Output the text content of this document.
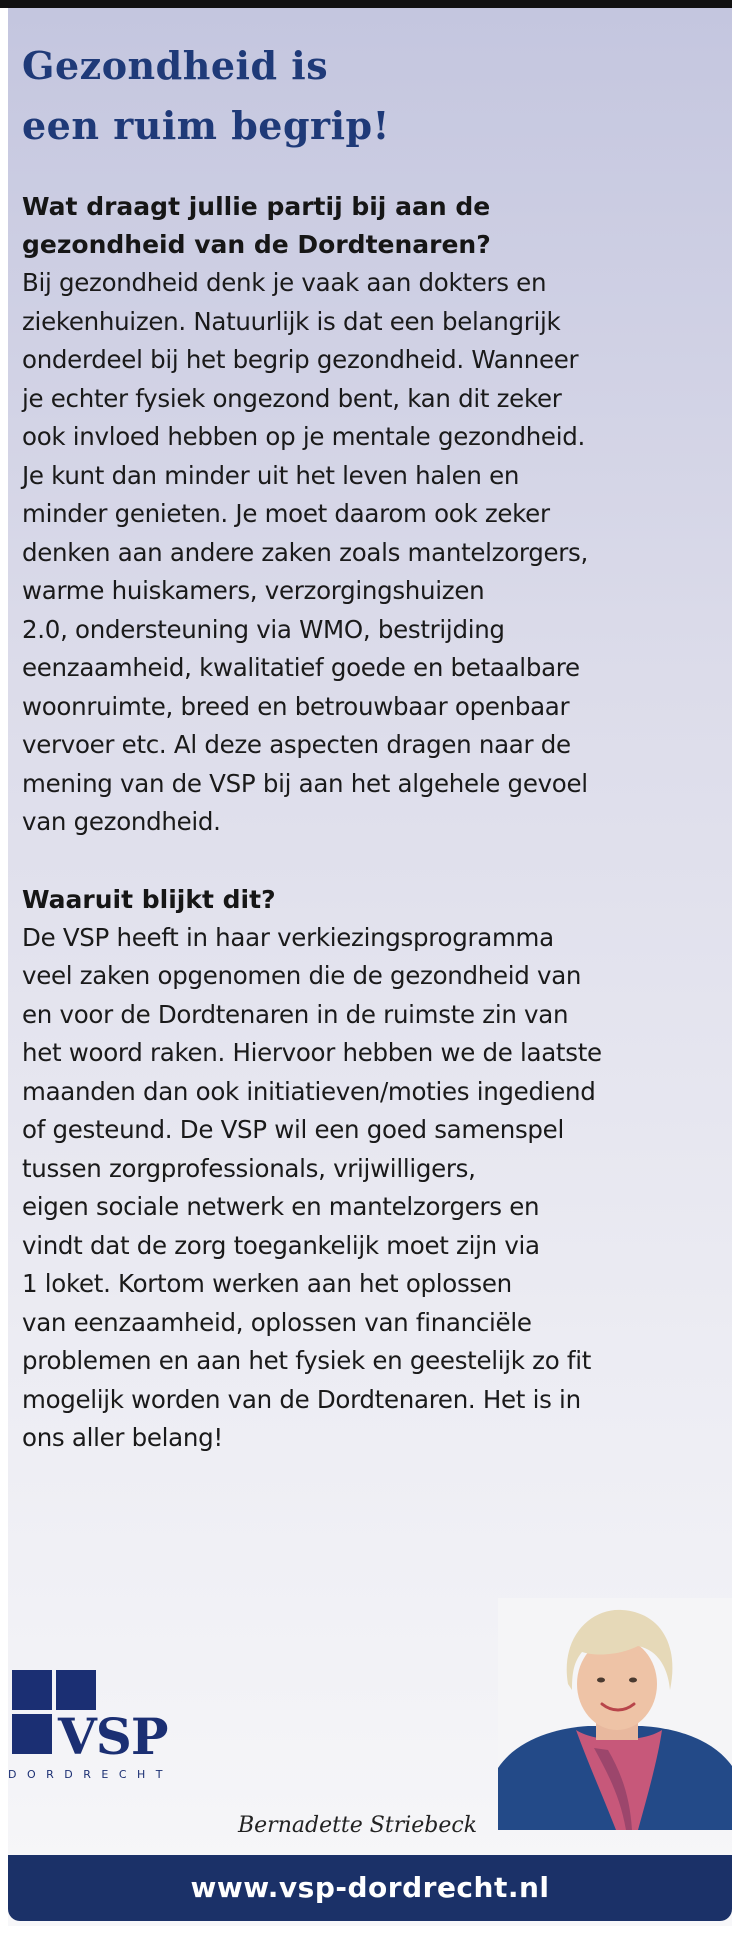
Gezondheid is
een ruim begrip!

Wat draagt jullie partij bij aan de
gezondheid van de Dordtenaren?

Bij gezondheid denk je vaak aan dokters en
ziekenhuizen. Natuurlijk is dat een belangrijk
onderdeel bij het begrip gezondheid. Wanneer
je echter fysiek ongezond bent, kan dit zeker
ook invloed hebben op je mentale gezondheid.
Je kunt dan minder uit het leven halen en
minder genieten. Je moet daarom ook zeker
denken aan andere zaken zoals mantelzorgers,
warme huiskamers, verzorgingshuizen
2.0, ondersteuning via WMO, bestrijding
eenzaamheid, kwalitatief goede en betaalbare
woonruimte, breed en betrouwbaar openbaar
vervoer etc. Al deze aspecten dragen naar de
mening van de VSP bij aan het algehele gevoel
van gezondheid.

Waaruit blijkt dit?

De VSP heeft in haar verkiezingsprogramma
veel zaken opgenomen die de gezondheid van
en voor de Dordtenaren in de ruimste zin van
het woord raken. Hiervoor hebben we de laatste
maanden dan ook initiatieven/moties ingediend
of gesteund. De VSP wil een goed samenspel
tussen zorgprofessionals, vrijwilligers,
eigen sociale netwerk en mantelzorgers en
vindt dat de zorg toegankelijk moet zijn via
1 loket. Kortom werken aan het oplossen
van eenzaamheid, oplossen van financiële
problemen en aan het fysiek en geestelijk zo fit
mogelijk worden van de Dordtenaren. Het is in
ons aller belang!

VSP
DORDRECHT

Bernadette Striebeck

www.vsp-dordrecht.nl
